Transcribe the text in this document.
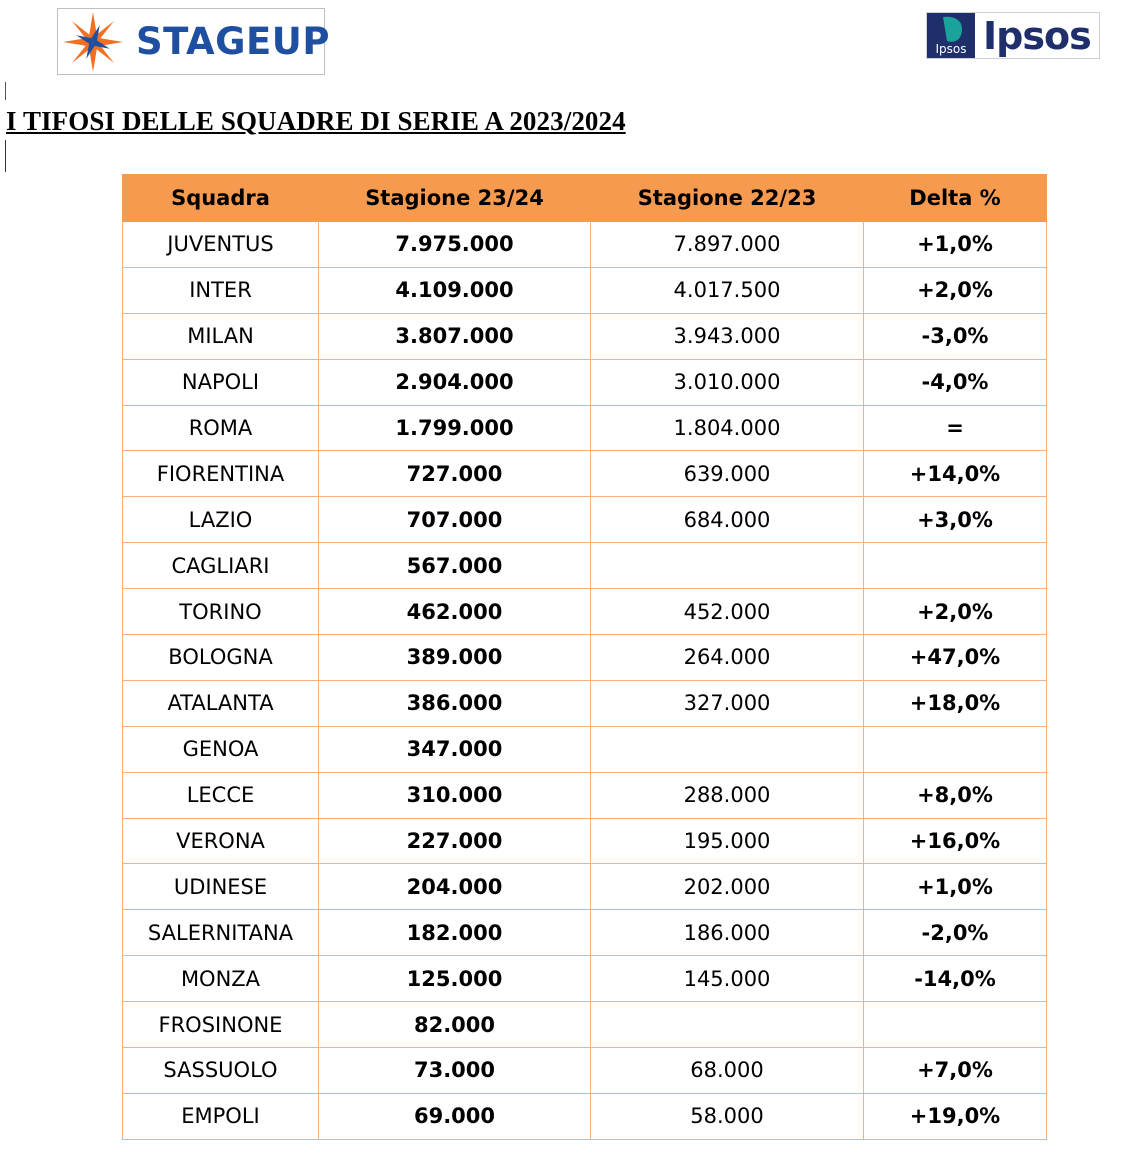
STAGEUP	Ipsos Ipsos
I TIFOSI DELLE SQUADRE DI SERIE A 2023/2024
Squadra	Stagione 23/24	Stagione 22/23	Delta %
JUVENTUS	7.975.000	7.897.000	+1,0%
INTER	4.109.000	4.017.500	+2,0%
MILAN	3.807.000	3.943.000	-3,0%
NAPOLI	2.904.000	3.010.000	-4,0%
ROMA	1.799.000	1.804.000	=
FIORENTINA	727.000	639.000	+14,0%
LAZIO	707.000	684.000	+3,0%
CAGLIARI	567.000		
TORINO	462.000	452.000	+2,0%
BOLOGNA	389.000	264.000	+47,0%
ATALANTA	386.000	327.000	+18,0%
GENOA	347.000		
LECCE	310.000	288.000	+8,0%
VERONA	227.000	195.000	+16,0%
UDINESE	204.000	202.000	+1,0%
SALERNITANA	182.000	186.000	-2,0%
MONZA	125.000	145.000	-14,0%
FROSINONE	82.000		
SASSUOLO	73.000	68.000	+7,0%
EMPOLI	69.000	58.000	+19,0%
